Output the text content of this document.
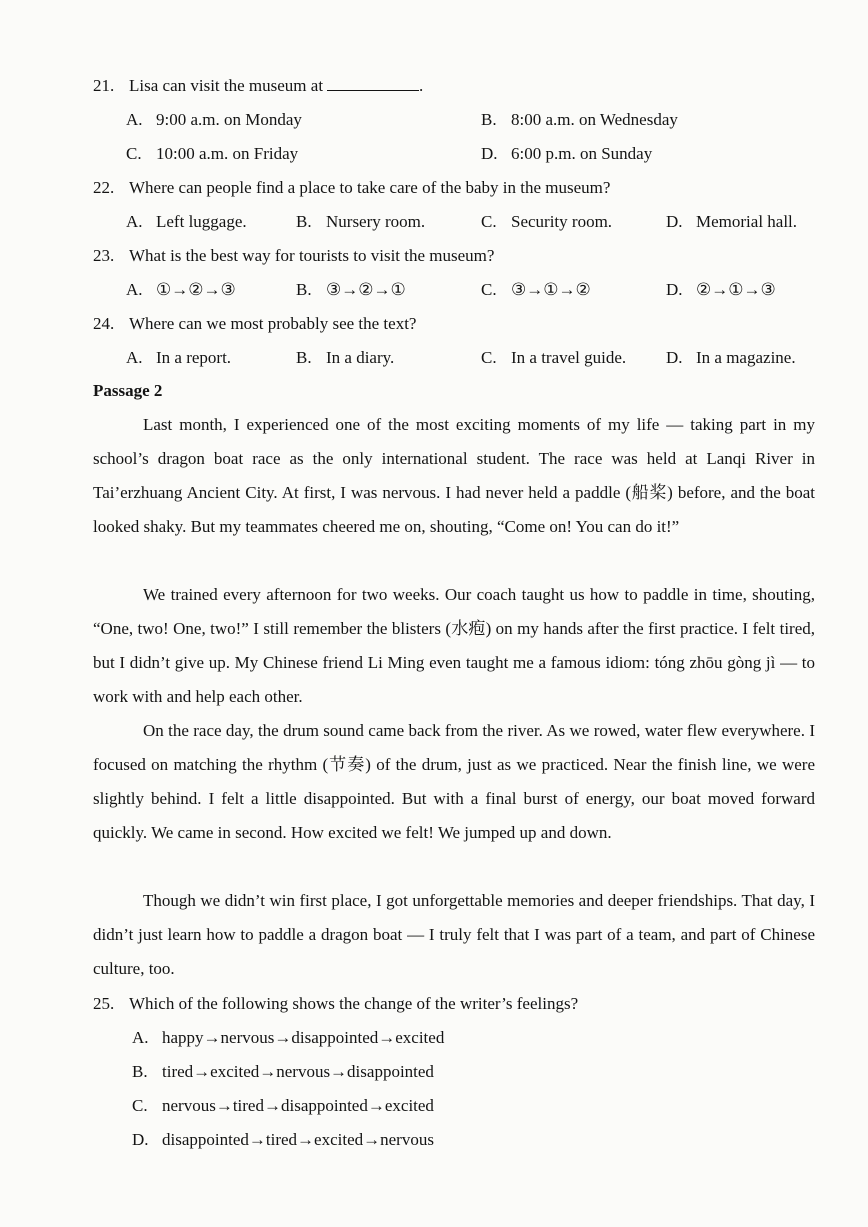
21. Lisa can visit the museum at	.
A. 9:00 a.m. on Monday	B. 8:00 a.m. on Wednesday
C. 10:00 a.m. on Friday	D. 6:00 p.m. on Sunday
22. Where can people find a place to take care of the baby in the museum?
A. Left luggage.	B. Nursery room.	C. Security room.	D. Memorial hall.
23. What is the best way for tourists to visit the museum?
A. ①→②→③	B. ③→②→①	C. ③→①→②	D. ②→①→③
24. Where can we most probably see the text?
A. In a report.	B. In a diary.	C. In a travel guide. D. In a magazine.
Passage 2

Last month, I experienced one of the most exciting moments of my life — taking part in my school’s dragon boat race as the only international student. The race was held at Lanqi River in Tai’erzhuang Ancient City. At first, I was nervous. I had never held a paddle (船桨) before, and the boat looked shaky. But my teammates cheered me on, shouting, “Come on! You can do it!”

We trained every afternoon for two weeks. Our coach taught us how to paddle in time, shouting, “One, two! One, two!” I still remember the blisters (水疱) on my hands after the first practice. I felt tired, but I didn’t give up. My Chinese friend Li Ming even taught me a famous idiom: tóng zhōu gòng jì — to work with and help each other.

On the race day, the drum sound came back from the river. As we rowed, water flew everywhere. I focused on matching the rhythm (节奏) of the drum, just as we practiced. Near the finish line, we were slightly behind. I felt a little disappointed. But with a final burst of energy, our boat moved forward quickly. We came in second. How excited we felt! We jumped up and down.

Though we didn’t win first place, I got unforgettable memories and deeper friendships. That day, I didn’t just learn how to paddle a dragon boat — I truly felt that I was part of a team, and part of Chinese culture, too.

25. Which of the following shows the change of the writer’s feelings?
A. happy→nervous→disappointed→excited
B. tired→excited→nervous→disappointed
C. nervous→tired→disappointed→excited
D. disappointed→tired→excited→nervous
